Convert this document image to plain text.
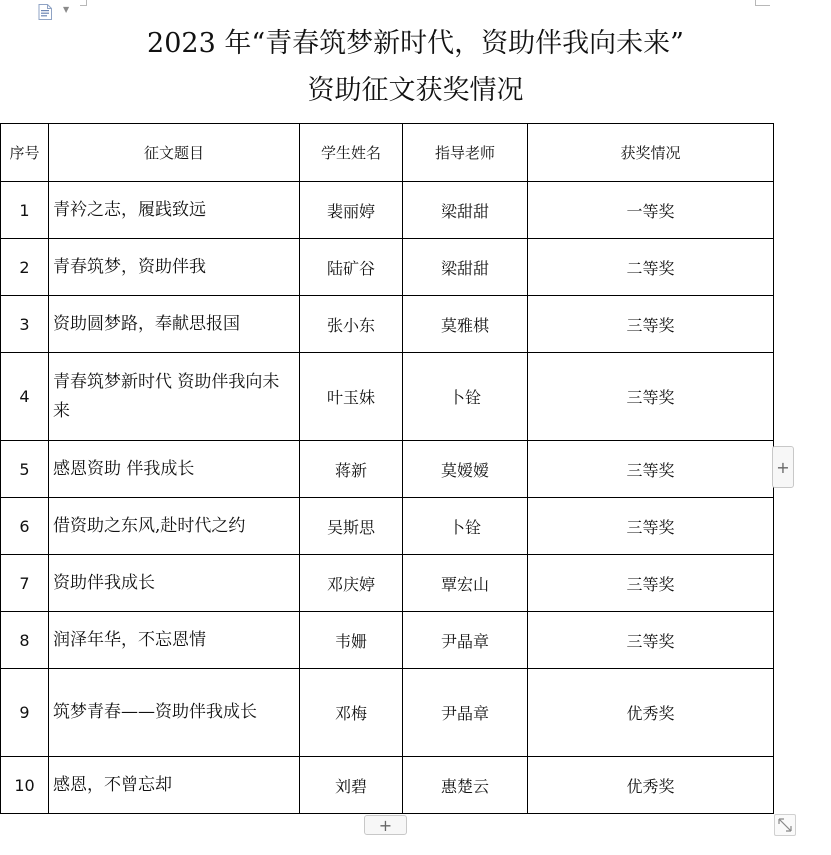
▼
2023 年“青春筑梦新时代，资助伴我向未来”
资助征文获奖情况
序号	征文题目	学生姓名	指导老师	获奖情况
1	青衿之志，履践致远	裴丽婷	梁甜甜	一等奖
2	青春筑梦，资助伴我	陆矿谷	梁甜甜	二等奖
3	资助圆梦路，奉献思报国	张小东	莫雅棋	三等奖
4	青春筑梦新时代 资助伴我向未来	叶玉妹	卜铨	三等奖
5	感恩资助 伴我成长	蒋新	莫嫒嫒	三等奖
6	借资助之东风,赴时代之约	吴斯思	卜铨	三等奖
7	资助伴我成长	邓庆婷	覃宏山	三等奖
8	润泽年华，不忘恩情	韦姗	尹晶章	三等奖
9	筑梦青春——资助伴我成长	邓梅	尹晶章	优秀奖
10	感恩，不曾忘却	刘碧	惠楚云	优秀奖
+
+
